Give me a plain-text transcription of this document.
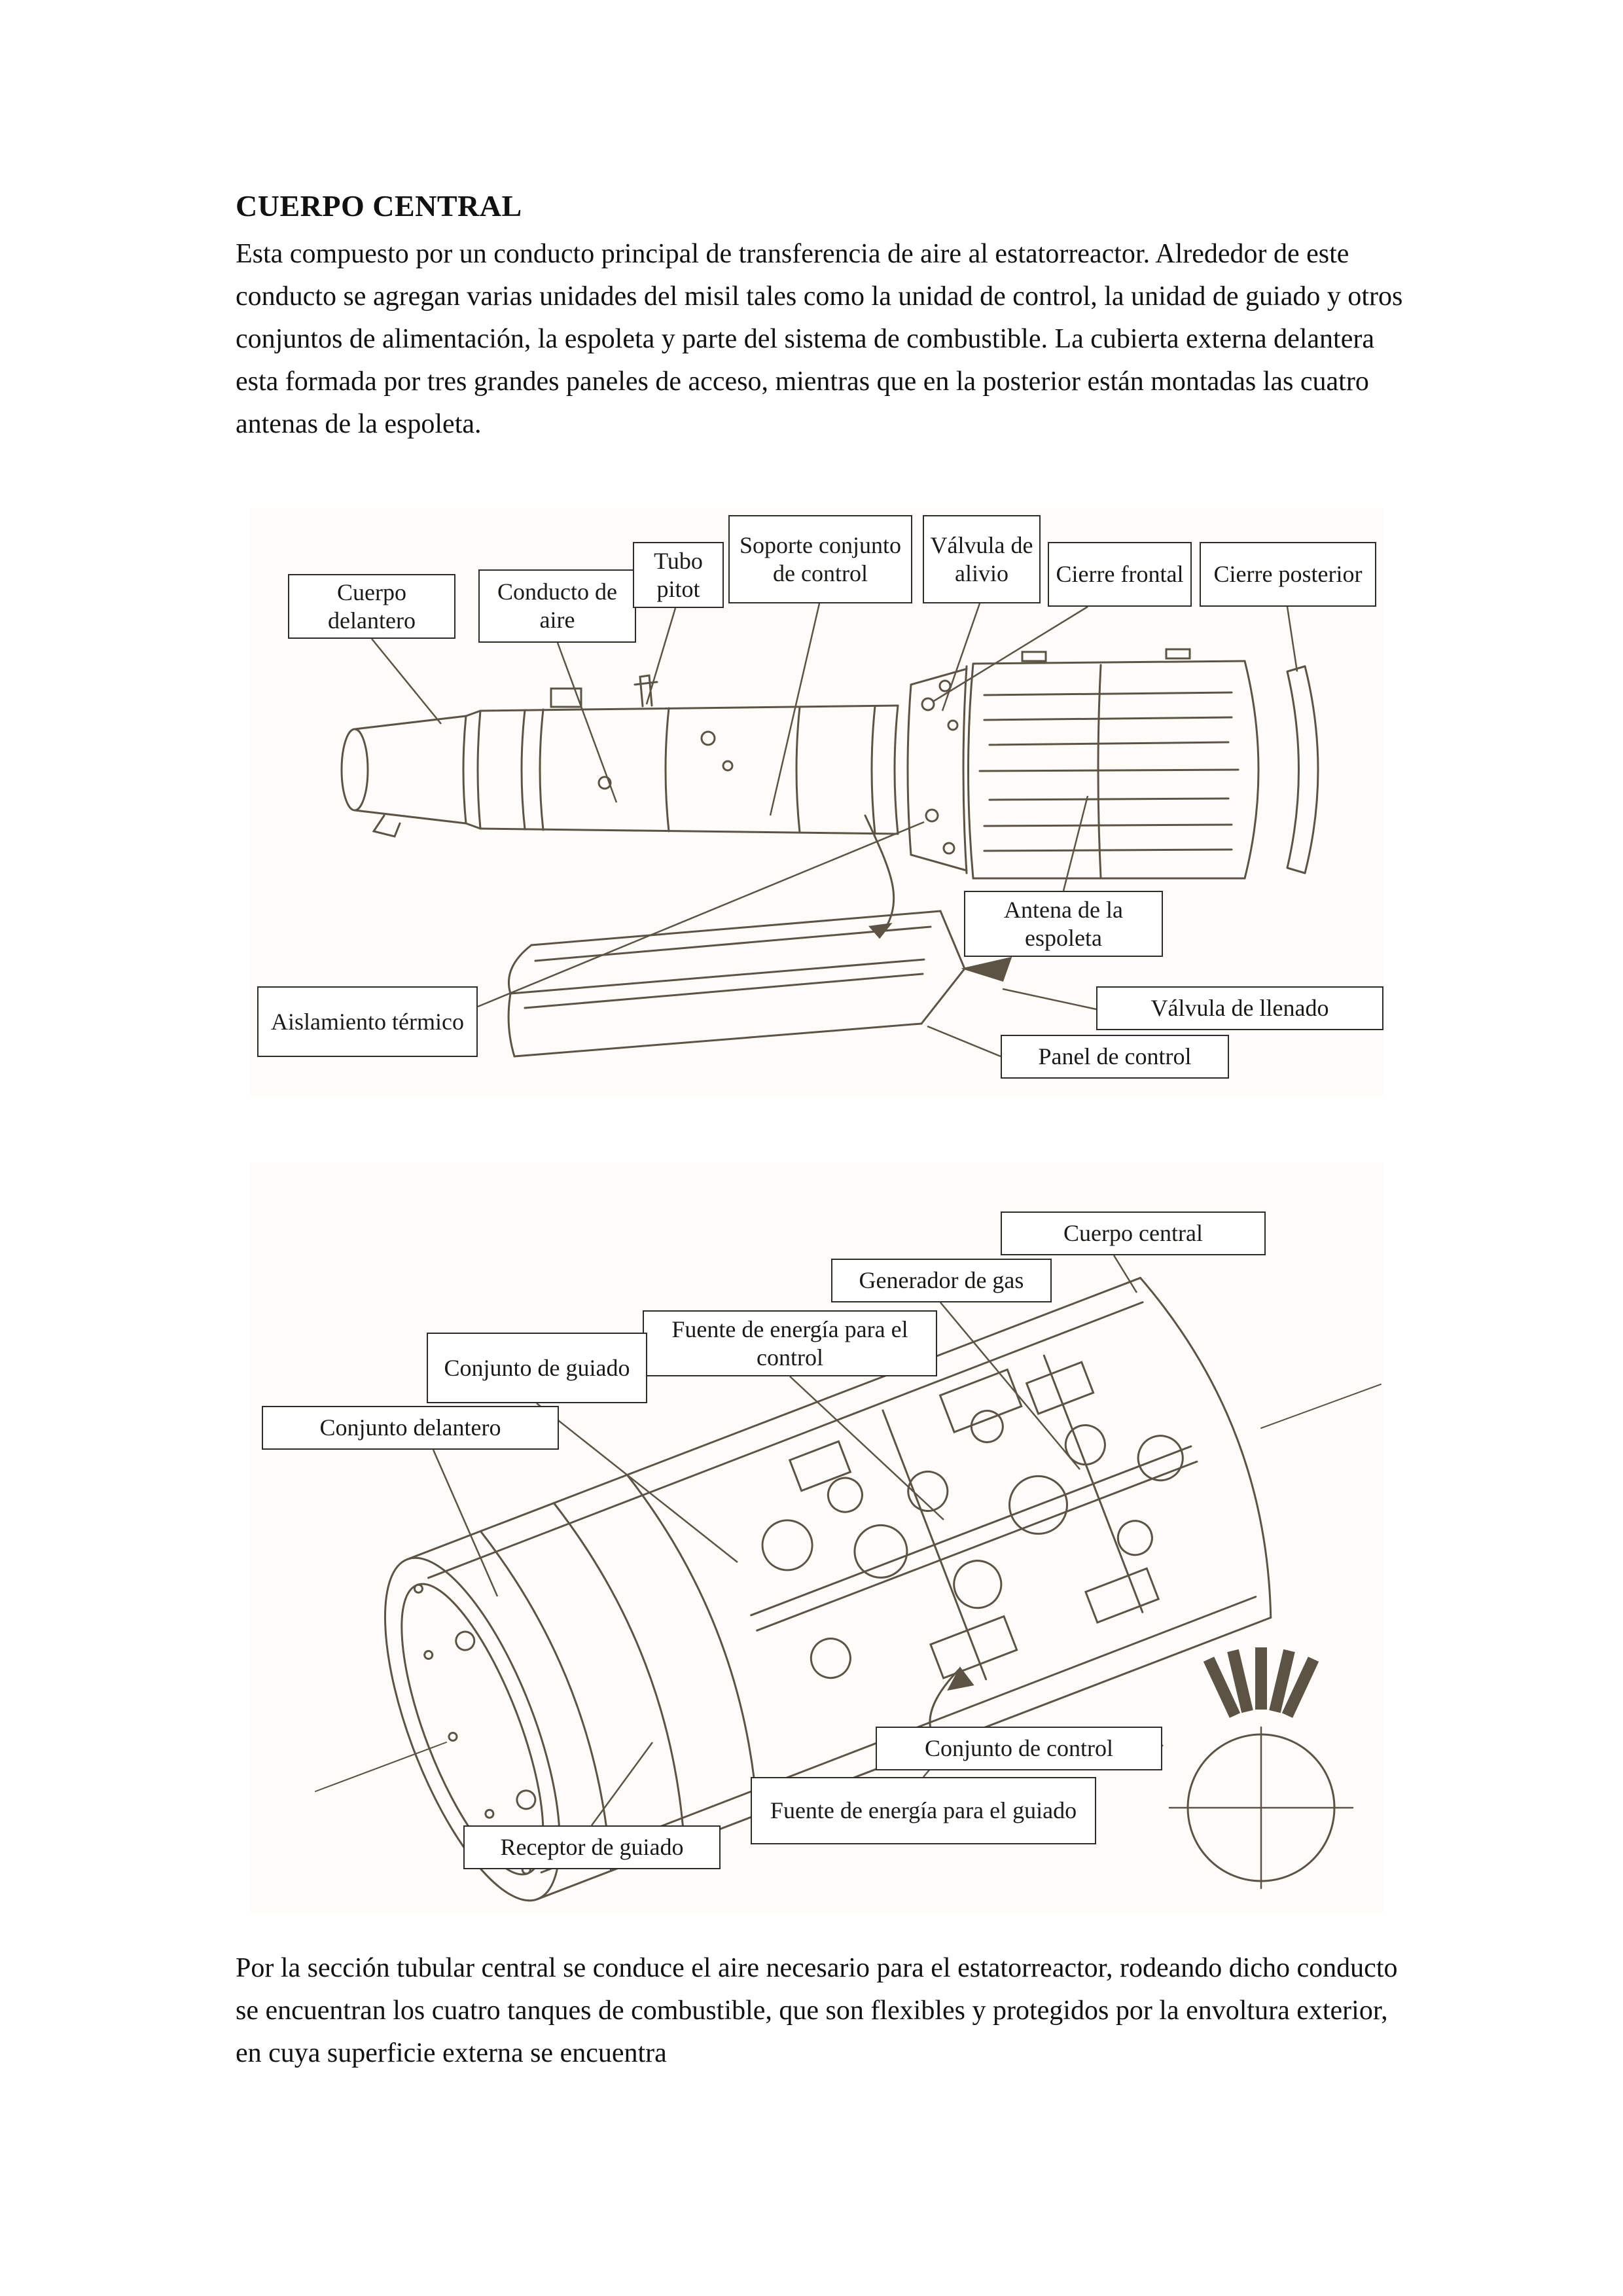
CUERPO CENTRAL

Esta compuesto por un conducto principal de transferencia de aire al estatorreactor. Alrededor de este conducto se agregan varias unidades del misil tales como la unidad de control, la unidad de guiado y otros conjuntos de alimentación, la espoleta y parte del sistema de combustible. La cubierta externa delantera esta formada por tres grandes paneles de acceso, mientras que en la posterior están montadas las cuatro antenas de la espoleta.

Cuerpo delantero
Conducto de aire
Tubo pitot
Soporte conjunto de control
Válvula de alivio	Cierre frontal Cierre posterior
Antena de la espoleta
Aislamiento térmico
Válvula de llenado
Panel de control
Cuerpo central
Generador de gas
Fuente de energía para el control
Conjunto de guiado
Conjunto delantero
Conjunto de control
Fuente de energía para el guiado
Receptor de guiado

Por la sección tubular central se conduce el aire necesario para el estatorreactor, rodeando dicho conducto se encuentran los cuatro tanques de combustible, que son flexibles y protegidos por la envoltura exterior, en cuya superficie externa se encuentra
